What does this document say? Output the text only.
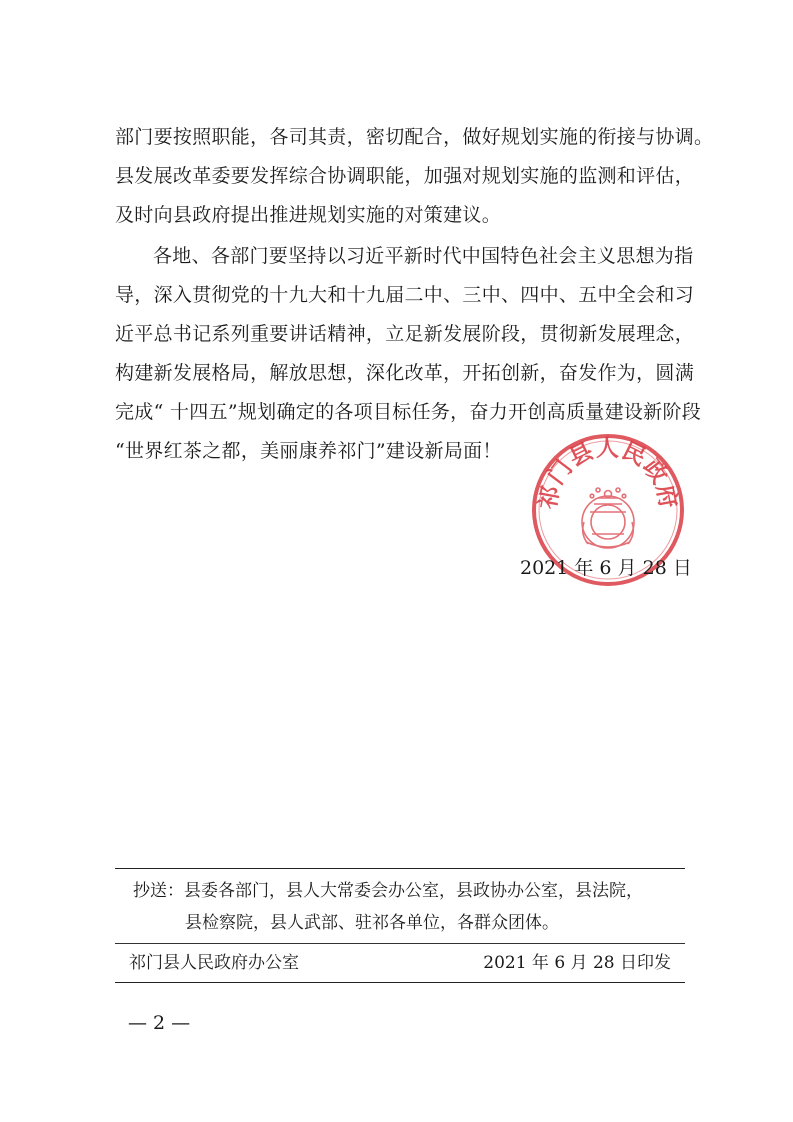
部门要按照职能，各司其责，密切配合，做好规划实施的衔接与协调。
县发展改革委要发挥综合协调职能，加强对规划实施的监测和评估，
及时向县政府提出推进规划实施的对策建议。
各地、各部门要坚持以习近平新时代中国特色社会主义思想为指
导，深入贯彻党的十九大和十九届二中、三中、四中、五中全会和习
近平总书记系列重要讲话精神，立足新发展阶段，贯彻新发展理念，
构建新发展格局，解放思想，深化改革，开拓创新，奋发作为，圆满
完成“ 十四五”规划确定的各项目标任务，奋力开创高质量建设新阶段
“世界红茶之都，美丽康养祁门”建设新局面！
祁门县人民政府
2021 年 6 月 28 日
抄送：县委各部门，县人大常委会办公室，县政协办公室，县法院，
县检察院，县人武部、驻祁各单位，各群众团体。
祁门县人民政府办公室	2021 年 6 月 28 日印发
— 2 —
